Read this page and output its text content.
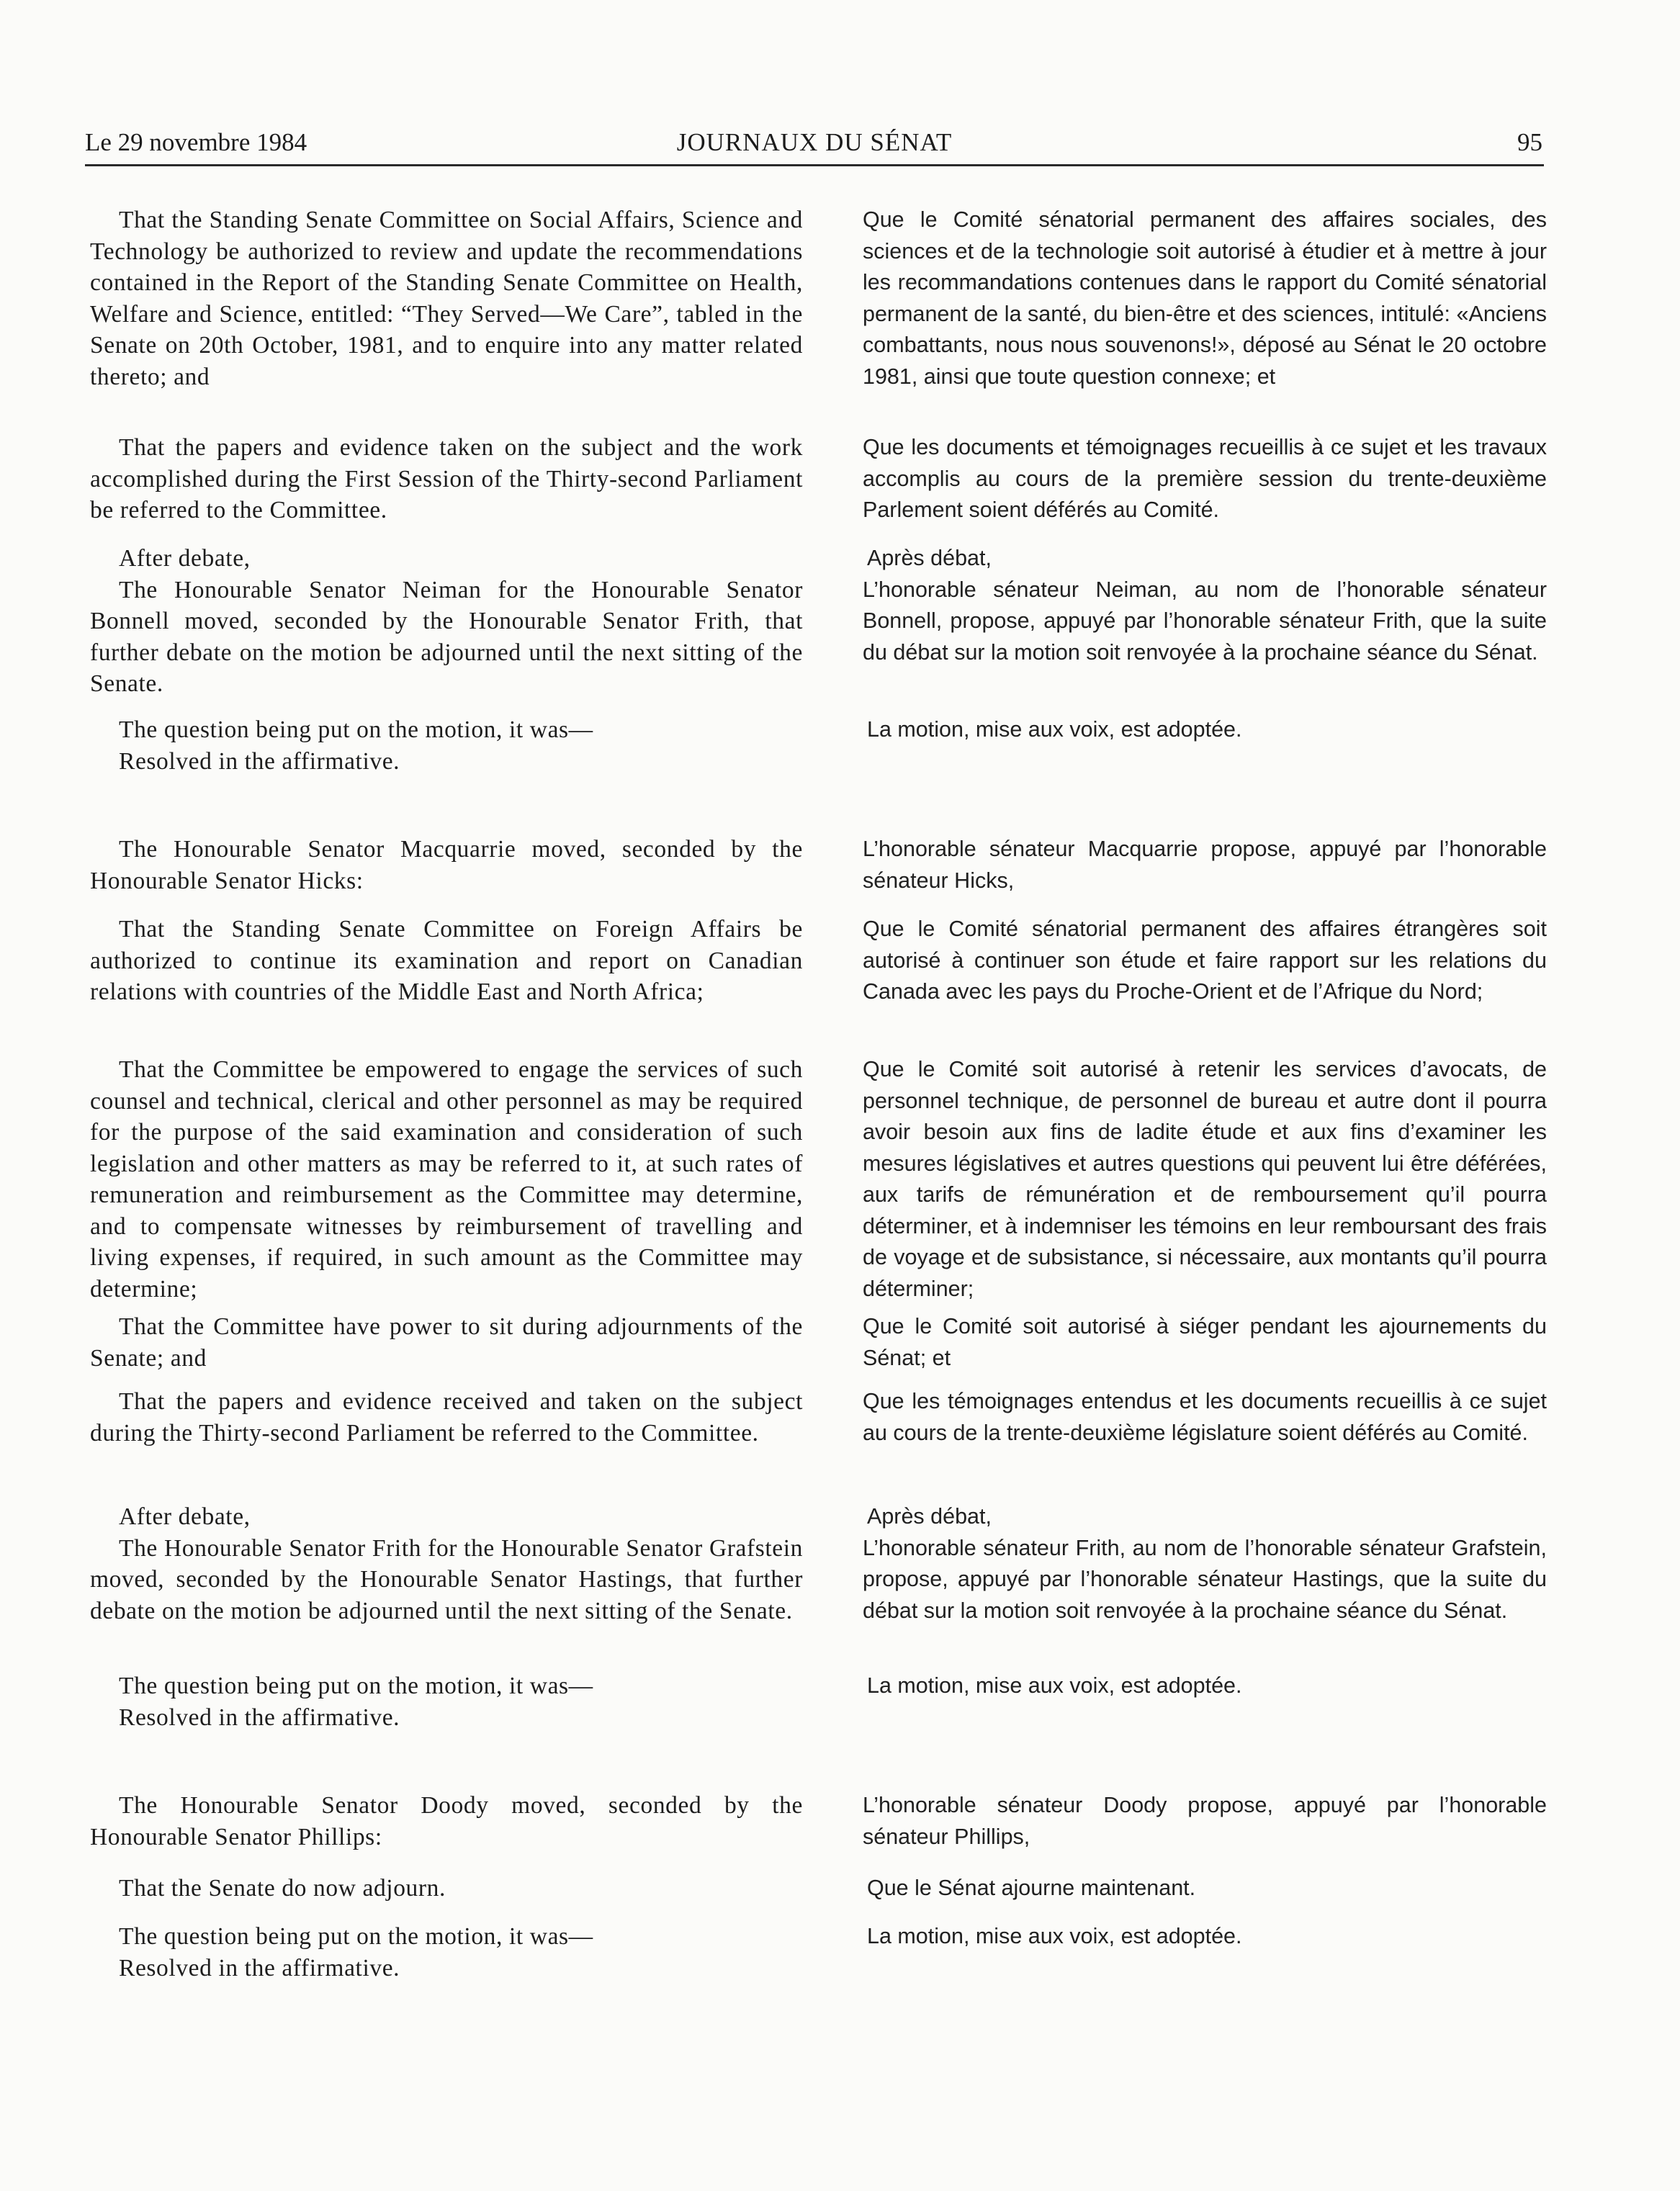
Le 29 novembre 1984	JOURNAUX DU SÉNAT	95

That the Standing Senate Committee on Social Affairs, Science and Technology be authorized to review and update the recommendations contained in the Report of the Standing Senate Committee on Health, Welfare and Science, entitled: “They Served—We Care”, tabled in the Senate on 20th October, 1981, and to enquire into any matter related thereto; and

That the papers and evidence taken on the subject and the work accomplished during the First Session of the Thirty-second Parliament be referred to the Committee.

After debate,
The Honourable Senator Neiman for the Honourable Senator Bonnell moved, seconded by the Honourable Senator Frith, that further debate on the motion be adjourned until the next sitting of the Senate.
The question being put on the motion, it was—
Resolved in the affirmative.

The Honourable Senator Macquarrie moved, seconded by the Honourable Senator Hicks:

That the Standing Senate Committee on Foreign Affairs be authorized to continue its examination and report on Canadian relations with countries of the Middle East and North Africa;

That the Committee be empowered to engage the services of such counsel and technical, clerical and other personnel as may be required for the purpose of the said examination and consideration of such legislation and other matters as may be referred to it, at such rates of remuneration and reimbursement as the Committee may determine, and to compensate witnesses by reimbursement of travelling and living expenses, if required, in such amount as the Committee may determine;

That the Committee have power to sit during adjournments of the Senate; and

That the papers and evidence received and taken on the subject during the Thirty-second Parliament be referred to the Committee.

After debate,
The Honourable Senator Frith for the Honourable Senator Grafstein moved, seconded by the Honourable Senator Hastings, that further debate on the motion be adjourned until the next sitting of the Senate.
The question being put on the motion, it was—
Resolved in the affirmative.

The Honourable Senator Doody moved, seconded by the Honourable Senator Phillips:

That the Senate do now adjourn.

The question being put on the motion, it was—
Resolved in the affirmative.

Que le Comité sénatorial permanent des affaires sociales, des sciences et de la technologie soit autorisé à étudier et à mettre à jour les recommandations contenues dans le rapport du Comité sénatorial permanent de la santé, du bien-être et des sciences, intitulé: «Anciens combattants, nous nous souvenons!», déposé au Sénat le 20 octobre 1981, ainsi que toute question connexe; et

Que les documents et témoignages recueillis à ce sujet et les travaux accomplis au cours de la première session du trente-deuxième Parlement soient déférés au Comité.

Après débat,
L’honorable sénateur Neiman, au nom de l’honorable sénateur Bonnell, propose, appuyé par l’honorable sénateur Frith, que la suite du débat sur la motion soit renvoyée à la prochaine séance du Sénat.

La motion, mise aux voix, est adoptée.

L’honorable sénateur Macquarrie propose, appuyé par l’honorable sénateur Hicks,

Que le Comité sénatorial permanent des affaires étrangères soit autorisé à continuer son étude et faire rapport sur les relations du Canada avec les pays du Proche-Orient et de l’Afrique du Nord;

Que le Comité soit autorisé à retenir les services d’avocats, de personnel technique, de personnel de bureau et autre dont il pourra avoir besoin aux fins de ladite étude et aux fins d’examiner les mesures législatives et autres questions qui peuvent lui être déférées, aux tarifs de rémunération et de remboursement qu’il pourra déterminer, et à indemniser les témoins en leur remboursant des frais de voyage et de subsistance, si nécessaire, aux montants qu’il pourra déterminer;

Que le Comité soit autorisé à siéger pendant les ajournements du Sénat; et

Que les témoignages entendus et les documents recueillis à ce sujet au cours de la trente-deuxième législature soient déférés au Comité.

Après débat,
L’honorable sénateur Frith, au nom de l’honorable sénateur Grafstein, propose, appuyé par l’honorable sénateur Hastings, que la suite du débat sur la motion soit renvoyée à la prochaine séance du Sénat.

La motion, mise aux voix, est adoptée.

L’honorable sénateur Doody propose, appuyé par l’honorable sénateur Phillips,

Que le Sénat ajourne maintenant.

La motion, mise aux voix, est adoptée.
